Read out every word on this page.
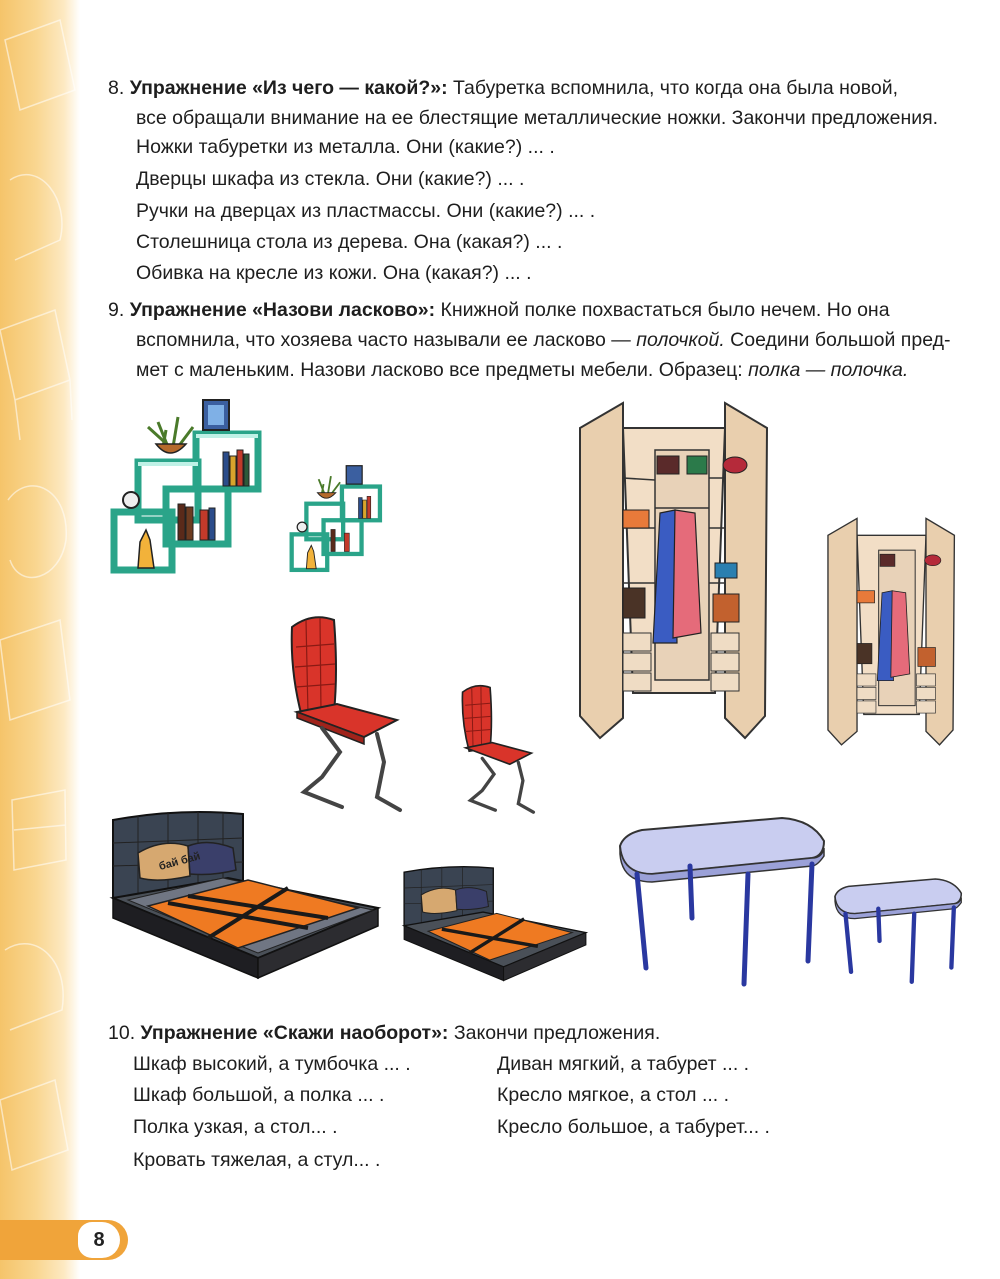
8. Упражнение «Из чего — какой?»: Табуретка вспомнила, что когда она была новой,
все обращали внимание на ее блестящие металлические ножки. Закончи предложения.
Ножки табуретки из металла. Они (какие?) ... .
Дверцы шкафа из стекла. Они (какие?) ... .
Ручки на дверцах из пластмассы. Они (какие?) ... .
Столешница стола из дерева. Она (какая?) ... .
Обивка на кресле из кожи. Она (какая?) ... .
9. Упражнение «Назови ласково»: Книжной полке похвастаться было нечем. Но она
вспомнила, что хозяева часто называли ее ласково — полочкой. Соедини большой пред-
мет с маленьким. Назови ласково все предметы мебели. Образец: полка — полочка.
бай бай
10. Упражнение «Скажи наоборот»: Закончи предложения.
Шкаф высокий, а тумбочка ... .
Шкаф большой, а полка ... .
Полка узкая, а стол... .
Кровать тяжелая, а стул... .
Диван мягкий, а табурет ... .
Кресло мягкое, а стол ... .
Кресло большое, а табурет... .
8
